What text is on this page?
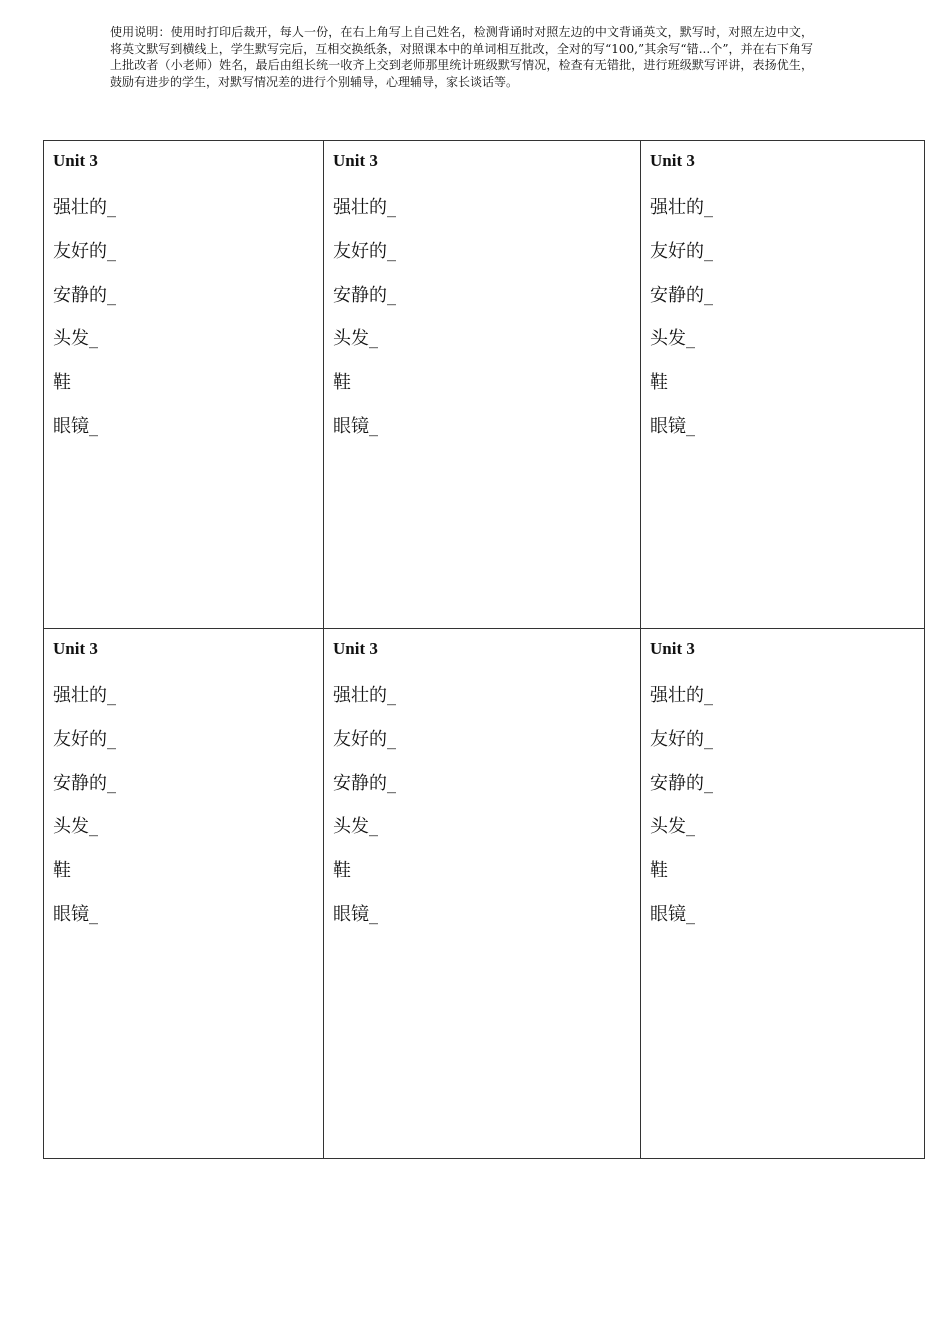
使用说明：使用时打印后裁开，每人一份，在右上角写上自己姓名，检测背诵时对照左边的中文背诵英文，默写时，对照左边中文，将英文默写到横线上，学生默写完后，互相交换纸条，对照课本中的单词相互批改，全对的写“100,”其余写“错...个”，并在右下角写上批改者（小老师）姓名，最后由组长统一收齐上交到老师那里统计班级默写情况，检查有无错批，进行班级默写评讲，表扬优生，鼓励有进步的学生，对默写情况差的进行个别辅导，心理辅导，家长谈话等。

Unit 3
强壮的_
友好的_
安静的_
头发_
鞋
眼镜_
Unit 3
强壮的_
友好的_
安静的_
头发_
鞋
眼镜_
Unit 3
强壮的_
友好的_
安静的_
头发_
鞋
眼镜_
Unit 3
强壮的_
友好的_
安静的_
头发_
鞋
眼镜_
Unit 3
强壮的_
友好的_
安静的_
头发_
鞋
眼镜_
Unit 3
强壮的_
友好的_
安静的_
头发_
鞋
眼镜_
